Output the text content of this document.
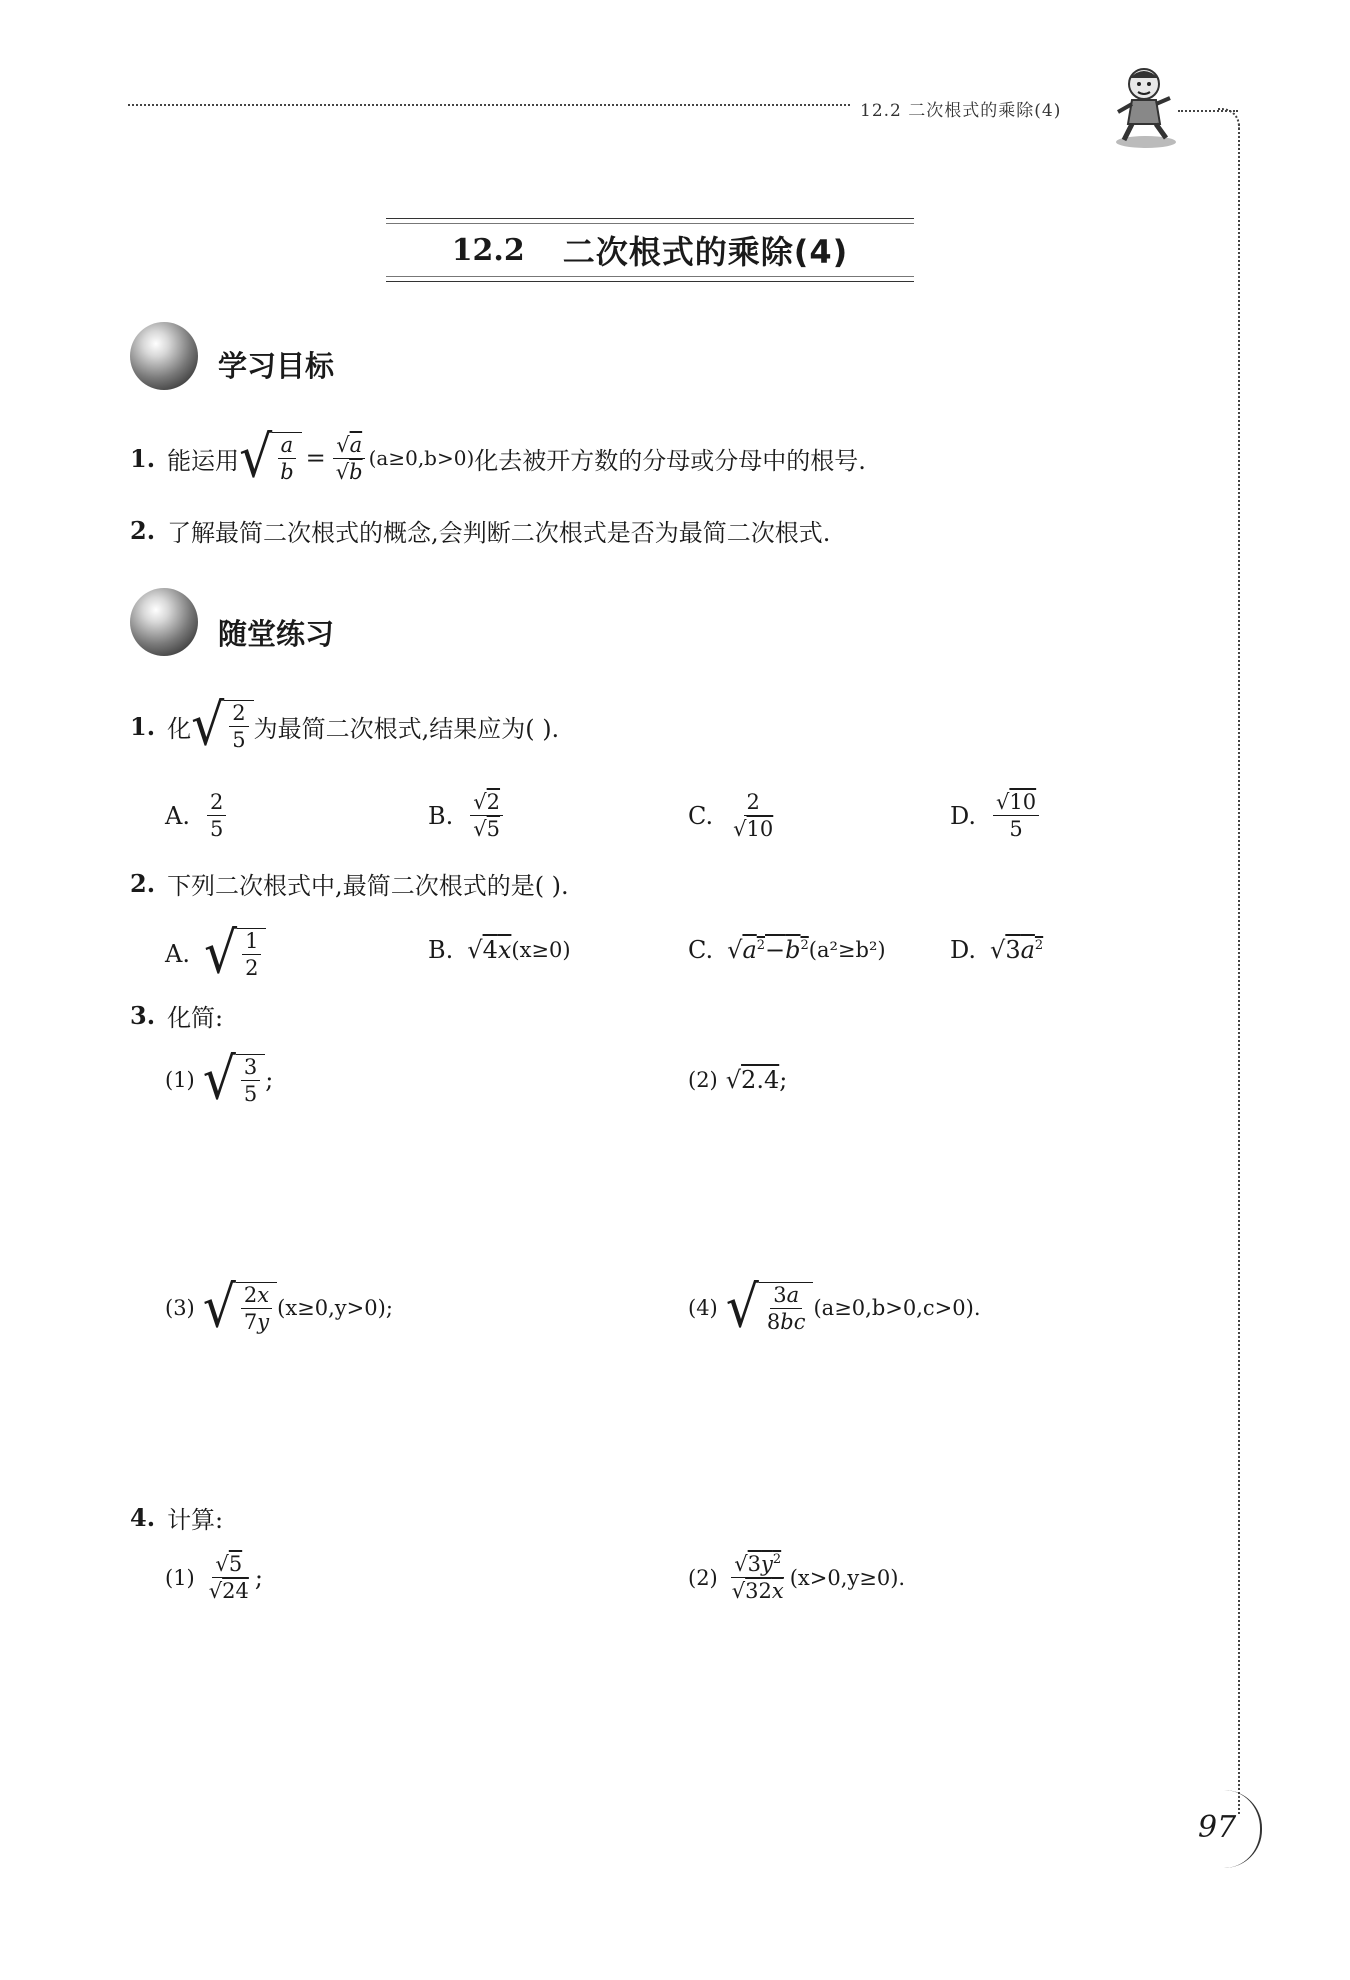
12.2 二次根式的乘除(4)
12.2 二次根式的乘除(4)
学习目标
1. 能运用 √ $\frac{a}{b} = \frac{√a}{√b} (a\ge 0,b>0)$ 化去被开方数的分母或分母中的根号.
2. 了解最简二次根式的概念,会判断二次根式是否为最简二次根式.
随堂练习
1. 化 √ $\frac{2}{5}$ 为最简二次根式,结果应为( ).
A. $\frac{2}{5}$	B. $\frac{√2}{√5}$	C. $\frac{2}{√10}$	D. $\frac{√10}{5}$
2. 下列二次根式中,最简二次根式的是( ).
A. √ $\frac{1}{2}$	B. √4x (x≥0)	C. $√a^2-b^2$ (a²≥b²)	D. $√3a^2$
3. 化简:
(1) √ $\frac{3}{5}$ ;	(2) √2.4 ;
(3) √ $\frac{2x}{7y} (x\ge 0,y>0)$;	(4) √ $\frac{3a}{8bc} (a\ge 0,b>0,c>0)$.
4. 计算:
$(1) \frac{√5}{√24}$ ;	$(2) \frac{√3y^2}{√32x} (x>0,y\ge 0)$.
97
